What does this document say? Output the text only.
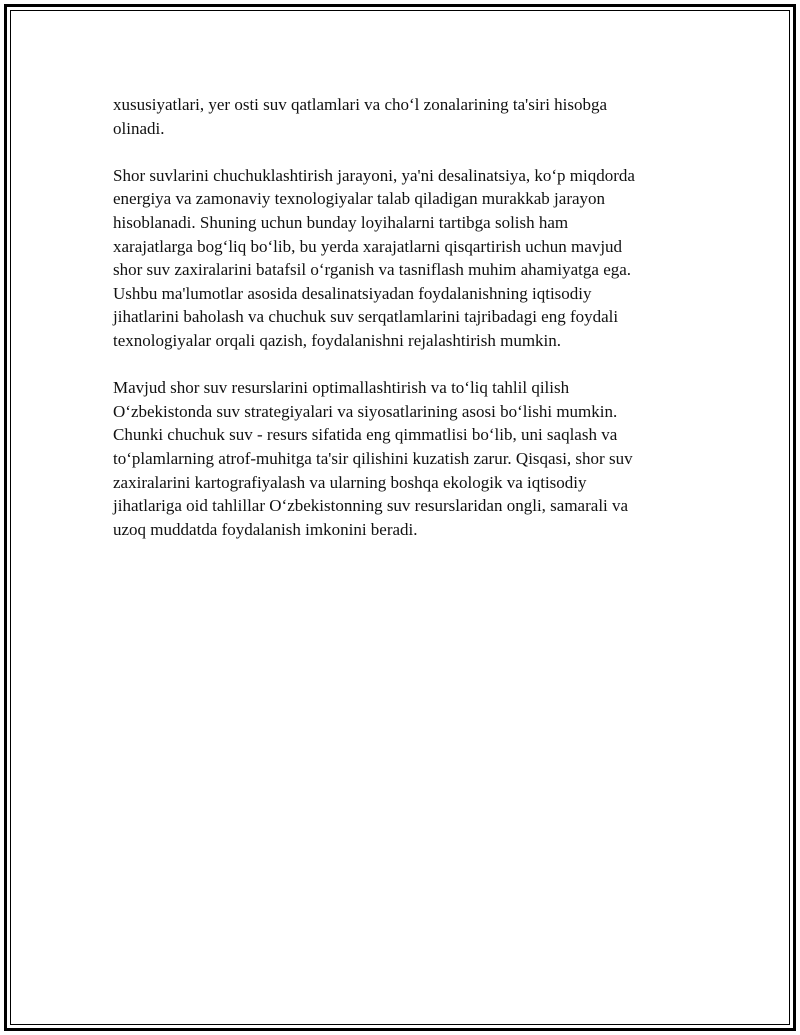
xususiyatlari, yer osti suv qatlamlari va cho‘l zonalarining ta'siri hisobga
olinadi.

Shor suvlarini chuchuklashtirish jarayoni, ya'ni desalinatsiya, ko‘p miqdorda
energiya va zamonaviy texnologiyalar talab qiladigan murakkab jarayon
hisoblanadi. Shuning uchun bunday loyihalarni tartibga solish ham
xarajatlarga bog‘liq bo‘lib, bu yerda xarajatlarni qisqartirish uchun mavjud
shor suv zaxiralarini batafsil o‘rganish va tasniflash muhim ahamiyatga ega.
Ushbu ma'lumotlar asosida desalinatsiyadan foydalanishning iqtisodiy
jihatlarini baholash va chuchuk suv serqatlamlarini tajribadagi eng foydali
texnologiyalar orqali qazish, foydalanishni rejalashtirish mumkin.

Mavjud shor suv resurslarini optimallashtirish va to‘liq tahlil qilish
O‘zbekistonda suv strategiyalari va siyosatlarining asosi bo‘lishi mumkin.
Chunki chuchuk suv - resurs sifatida eng qimmatlisi bo‘lib, uni saqlash va
to‘plamlarning atrof-muhitga ta'sir qilishini kuzatish zarur. Qisqasi, shor suv
zaxiralarini kartografiyalash va ularning boshqa ekologik va iqtisodiy
jihatlariga oid tahlillar O‘zbekistonning suv resurslaridan ongli, samarali va
uzoq muddatda foydalanish imkonini beradi.
